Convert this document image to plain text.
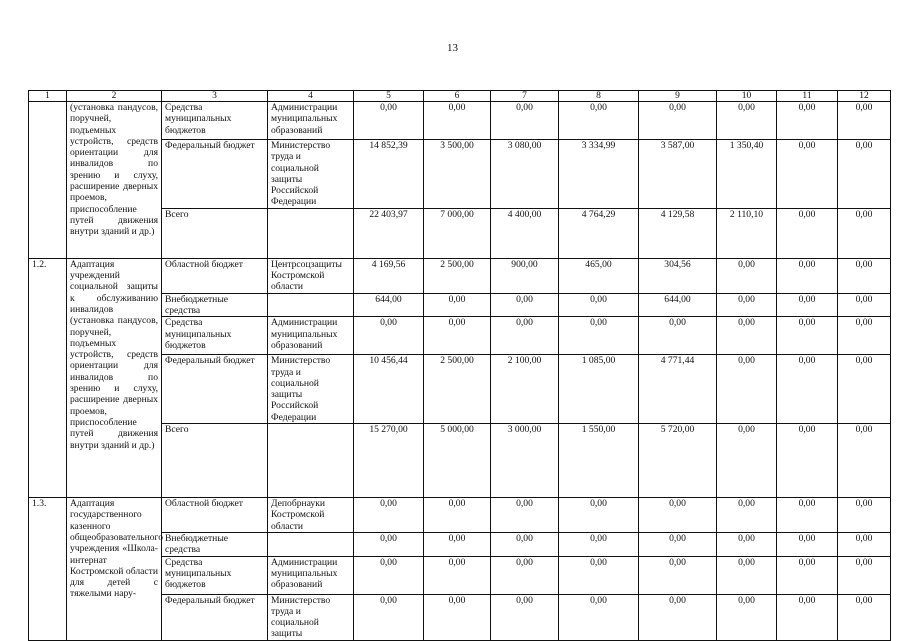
13
1	2	3	4	5	6	7	8	9	10	11	12
	(установка пандусов, поручней, подъемных устройств, средств ориентации для инвалидов по зрению и слуху, расширение дверных проемов, приспособление путей движения внутри зданий и др.)	Средства муниципальных бюджетов	Администрации муниципальных образований	0,00	0,00	0,00	0,00	0,00	0,00	0,00	0,00
		Федеральный бюджет	Министерство труда и социальной защиты Российской Федерации	14 852,39	3 500,00	3 080,00	3 334,99	3 587,00	1 350,40	0,00	0,00
		Всего		22 403,97	7 000,00	4 400,00	4 764,29	4 129,58	2 110,10	0,00	0,00
1.2.	Адаптация учреждений социальной защиты к обслуживанию инвалидов (установка пандусов, поручней, подъемных устройств, средств ориентации для инвалидов по зрению и слуху, расширение дверных проемов, приспособление путей движения внутри зданий и др.)	Областной бюджет	Центрсоцзащиты Костромской области	4 169,56	2 500,00	900,00	465,00	304,56	0,00	0,00	0,00
		Внебюджетные средства		644,00	0,00	0,00	0,00	644,00	0,00	0,00	0,00
		Средства муниципальных бюджетов	Администрации муниципальных образований	0,00	0,00	0,00	0,00	0,00	0,00	0,00	0,00
		Федеральный бюджет	Министерство труда и социальной защиты Российской Федерации	10 456,44	2 500,00	2 100,00	1 085,00	4 771,44	0,00	0,00	0,00
		Всего		15 270,00	5 000,00	3 000,00	1 550,00	5 720,00	0,00	0,00	0,00
1.3.	Адаптация государственного казенного общеобразовательного учреждения «Школа-интернат Костромской области для детей с тяжелыми нару-	Областной бюджет	Депобрнауки Костромской области	0,00	0,00	0,00	0,00	0,00	0,00	0,00	0,00
		Внебюджетные средства		0,00	0,00	0,00	0,00	0,00	0,00	0,00	0,00
		Средства муниципальных бюджетов	Администрации муниципальных образований	0,00	0,00	0,00	0,00	0,00	0,00	0,00	0,00
		Федеральный бюджет	Министерство труда и социальной защиты	0,00	0,00	0,00	0,00	0,00	0,00	0,00	0,00
